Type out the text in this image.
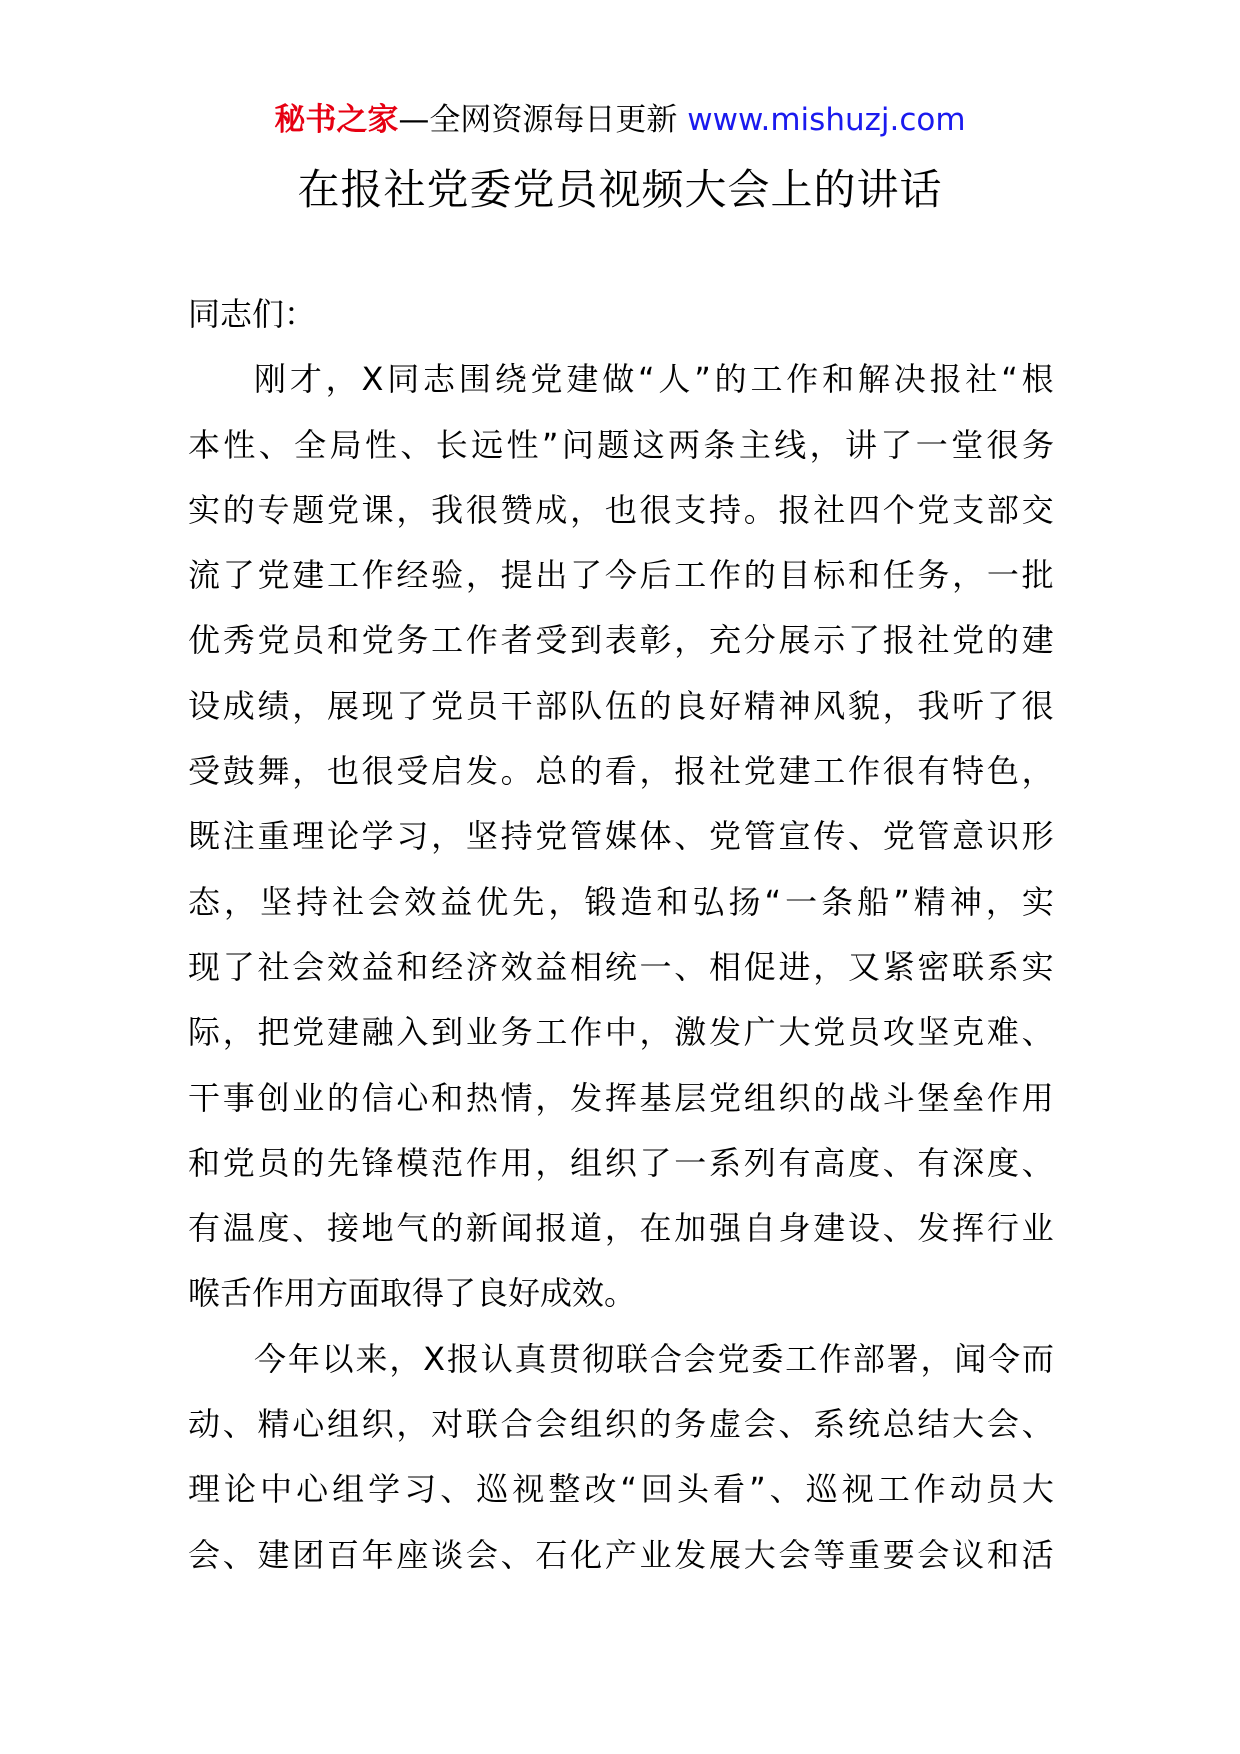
秘书之家—全网资源每日更新 www.mishuzj.com
在报社党委党员视频大会上的讲话
同志们：
刚 才 ， X 同 志 围 绕 党 建 做 “ 人 ” 的 工 作 和 解 决 报 社 “ 根
本 性 、 全 局 性 、 长 远 性 ” 问 题 这 两 条 主 线 ， 讲 了 一 堂 很 务
实 的 专 题 党 课 ， 我 很 赞 成 ， 也 很 支 持 。 报 社 四 个 党 支 部 交
流 了 党 建 工 作 经 验 ， 提 出 了 今 后 工 作 的 目 标 和 任 务 ， 一 批
优 秀 党 员 和 党 务 工 作 者 受 到 表 彰 ， 充 分 展 示 了 报 社 党 的 建
设 成 绩 ， 展 现 了 党 员 干 部 队 伍 的 良 好 精 神 风 貌 ， 我 听 了 很
受 鼓 舞 ， 也 很 受 启 发 。 总 的 看 ， 报 社 党 建 工 作 很 有 特 色 ，
既 注 重 理 论 学 习 ， 坚 持 党 管 媒 体 、 党 管 宣 传 、 党 管 意 识 形
态 ， 坚 持 社 会 效 益 优 先 ， 锻 造 和 弘 扬 “ 一 条 船 ” 精 神 ， 实
现 了 社 会 效 益 和 经 济 效 益 相 统 一 、 相 促 进 ， 又 紧 密 联 系 实
际 ， 把 党 建 融 入 到 业 务 工 作 中 ， 激 发 广 大 党 员 攻 坚 克 难 、
干 事 创 业 的 信 心 和 热 情 ， 发 挥 基 层 党 组 织 的 战 斗 堡 垒 作 用
和 党 员 的 先 锋 模 范 作 用 ， 组 织 了 一 系 列 有 高 度 、 有 深 度 、
有 温 度 、 接 地 气 的 新 闻 报 道 ， 在 加 强 自 身 建 设 、 发 挥 行 业
喉舌作用方面取得了良好成效。
今 年 以 来 ， X 报 认 真 贯 彻 联 合 会 党 委 工 作 部 署 ， 闻 令 而
动 、 精 心 组 织 ， 对 联 合 会 组 织 的 务 虚 会 、 系 统 总 结 大 会 、
理 论 中 心 组 学 习 、 巡 视 整 改 “ 回 头 看 ” 、 巡 视 工 作 动 员 大
会 、 建 团 百 年 座 谈 会 、 石 化 产 业 发 展 大 会 等 重 要 会 议 和 活
